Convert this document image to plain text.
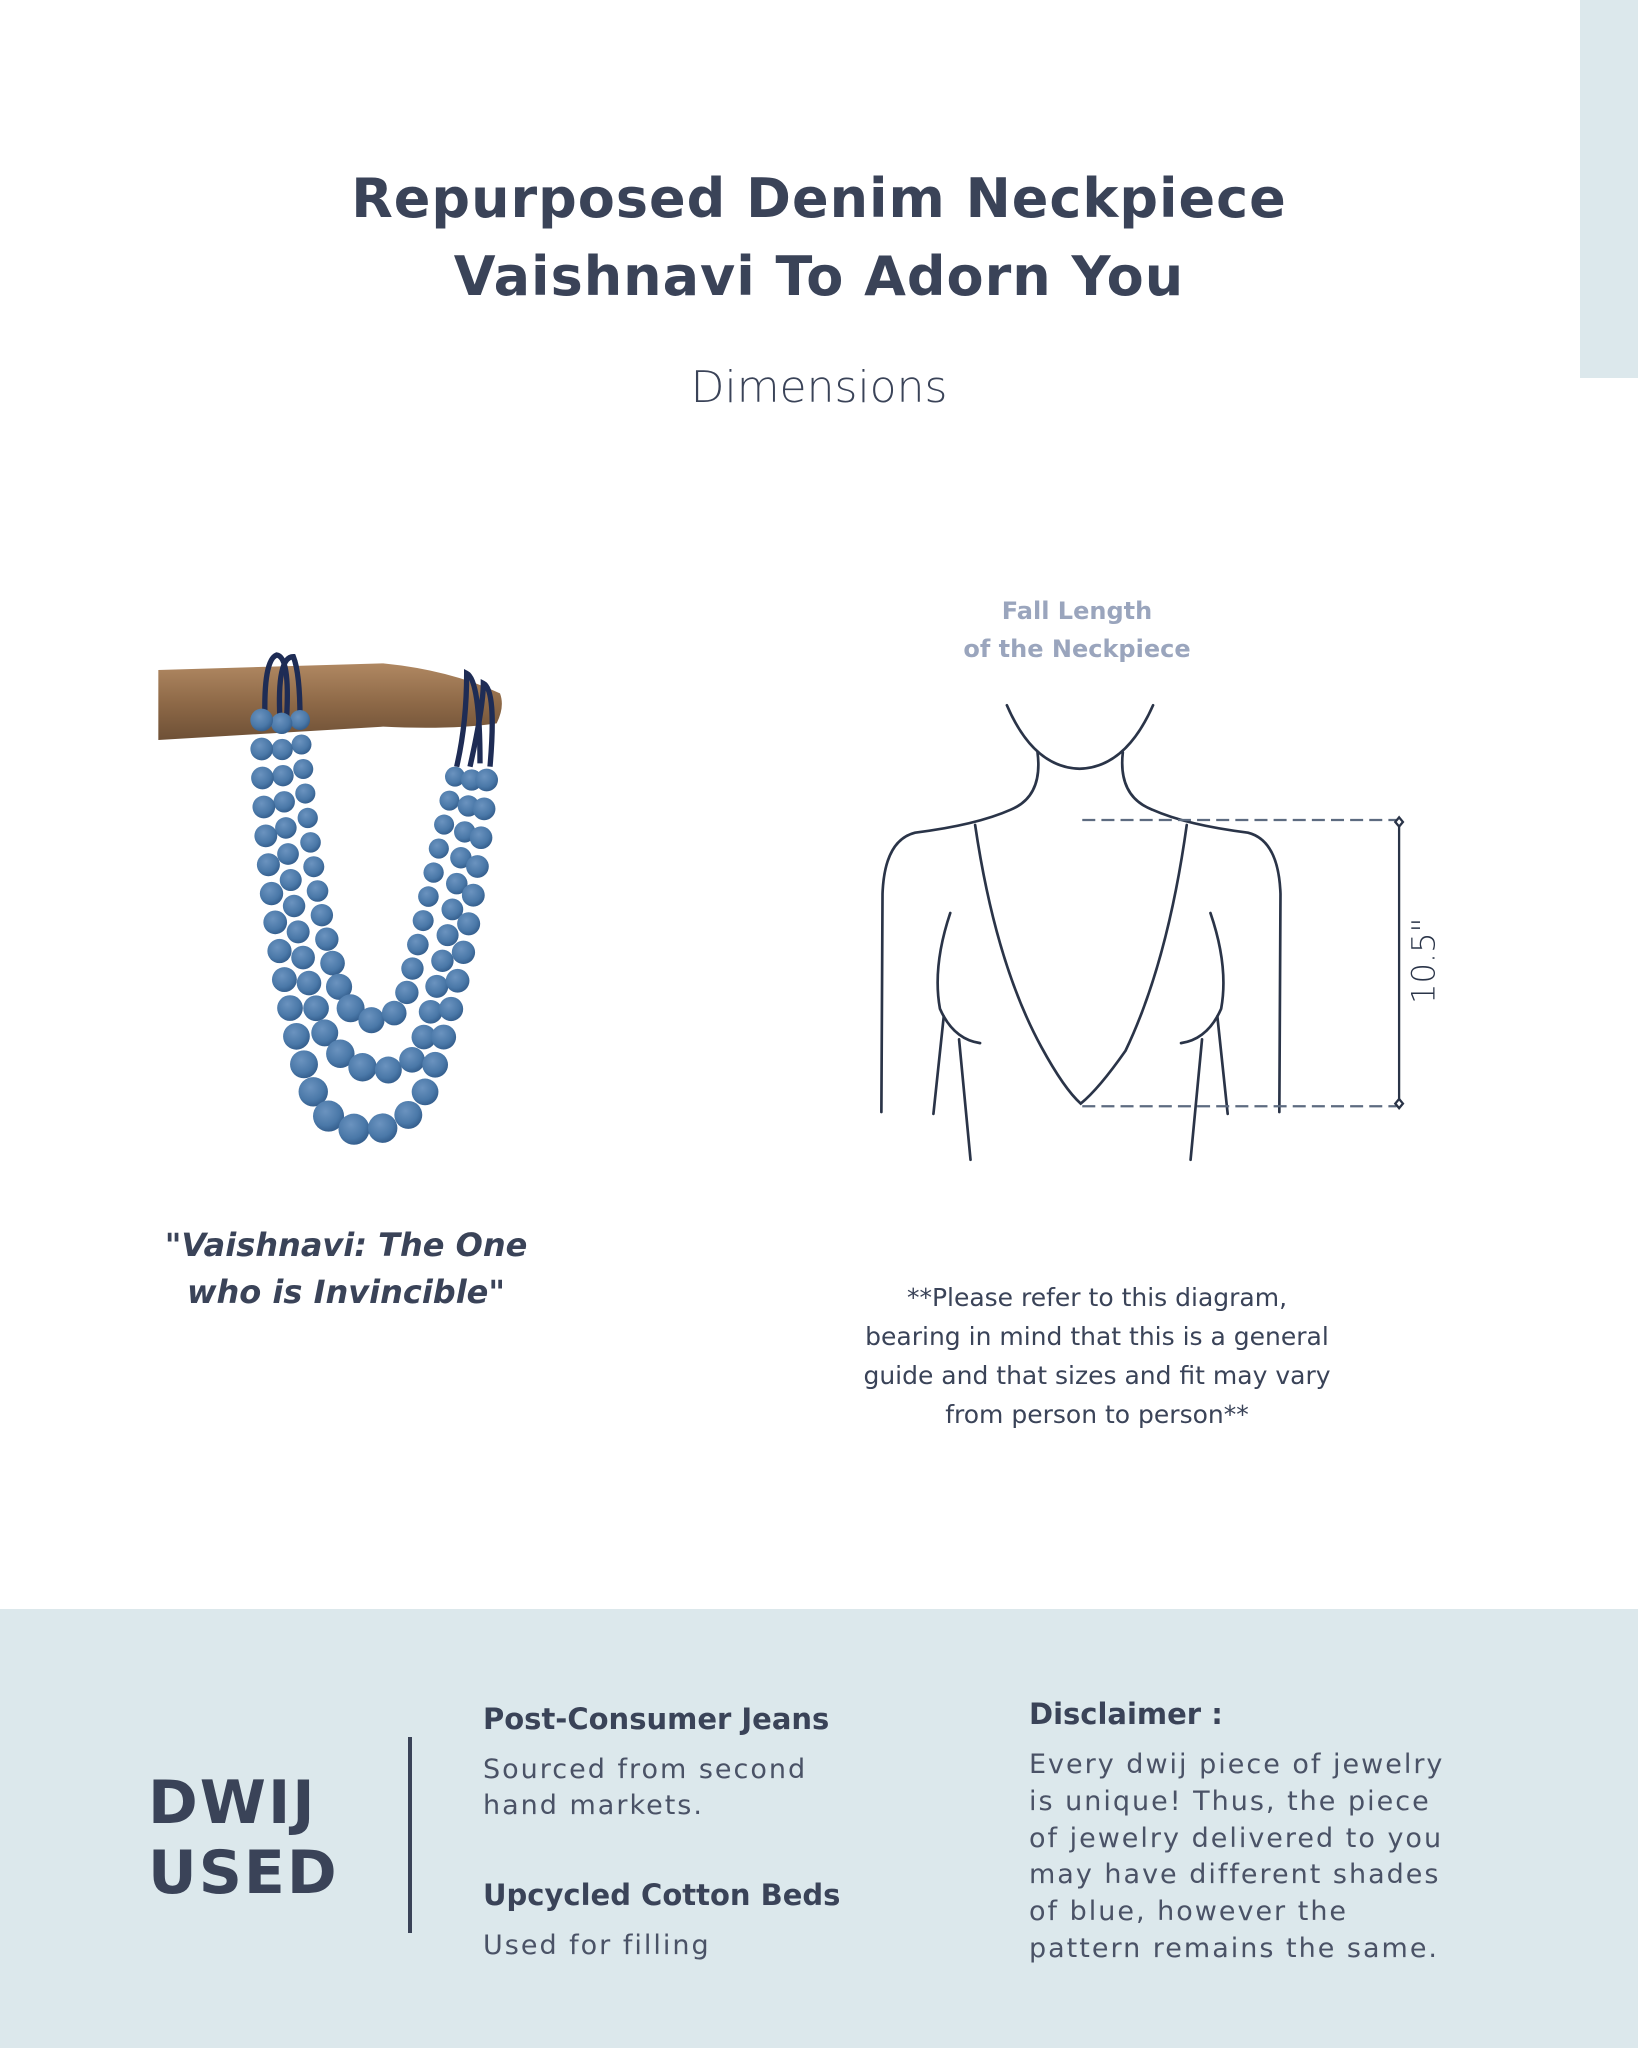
Repurposed Denim Neckpiece
Vaishnavi To Adorn You
Dimensions
"Vaishnavi: The One
who is Invincible"
Fall Length
of the Neckpiece
10.5"
**Please refer to this diagram,
bearing in mind that this is a general
guide and that sizes and fit may vary
from person to person**
DWIJ
USED
Post-Consumer Jeans
Sourced from second
hand markets.
Upcycled Cotton Beds
Used for filling
Disclaimer :
Every dwij piece of jewelry
is unique! Thus, the piece
of jewelry delivered to you
may have different shades
of blue, however the
pattern remains the same.
